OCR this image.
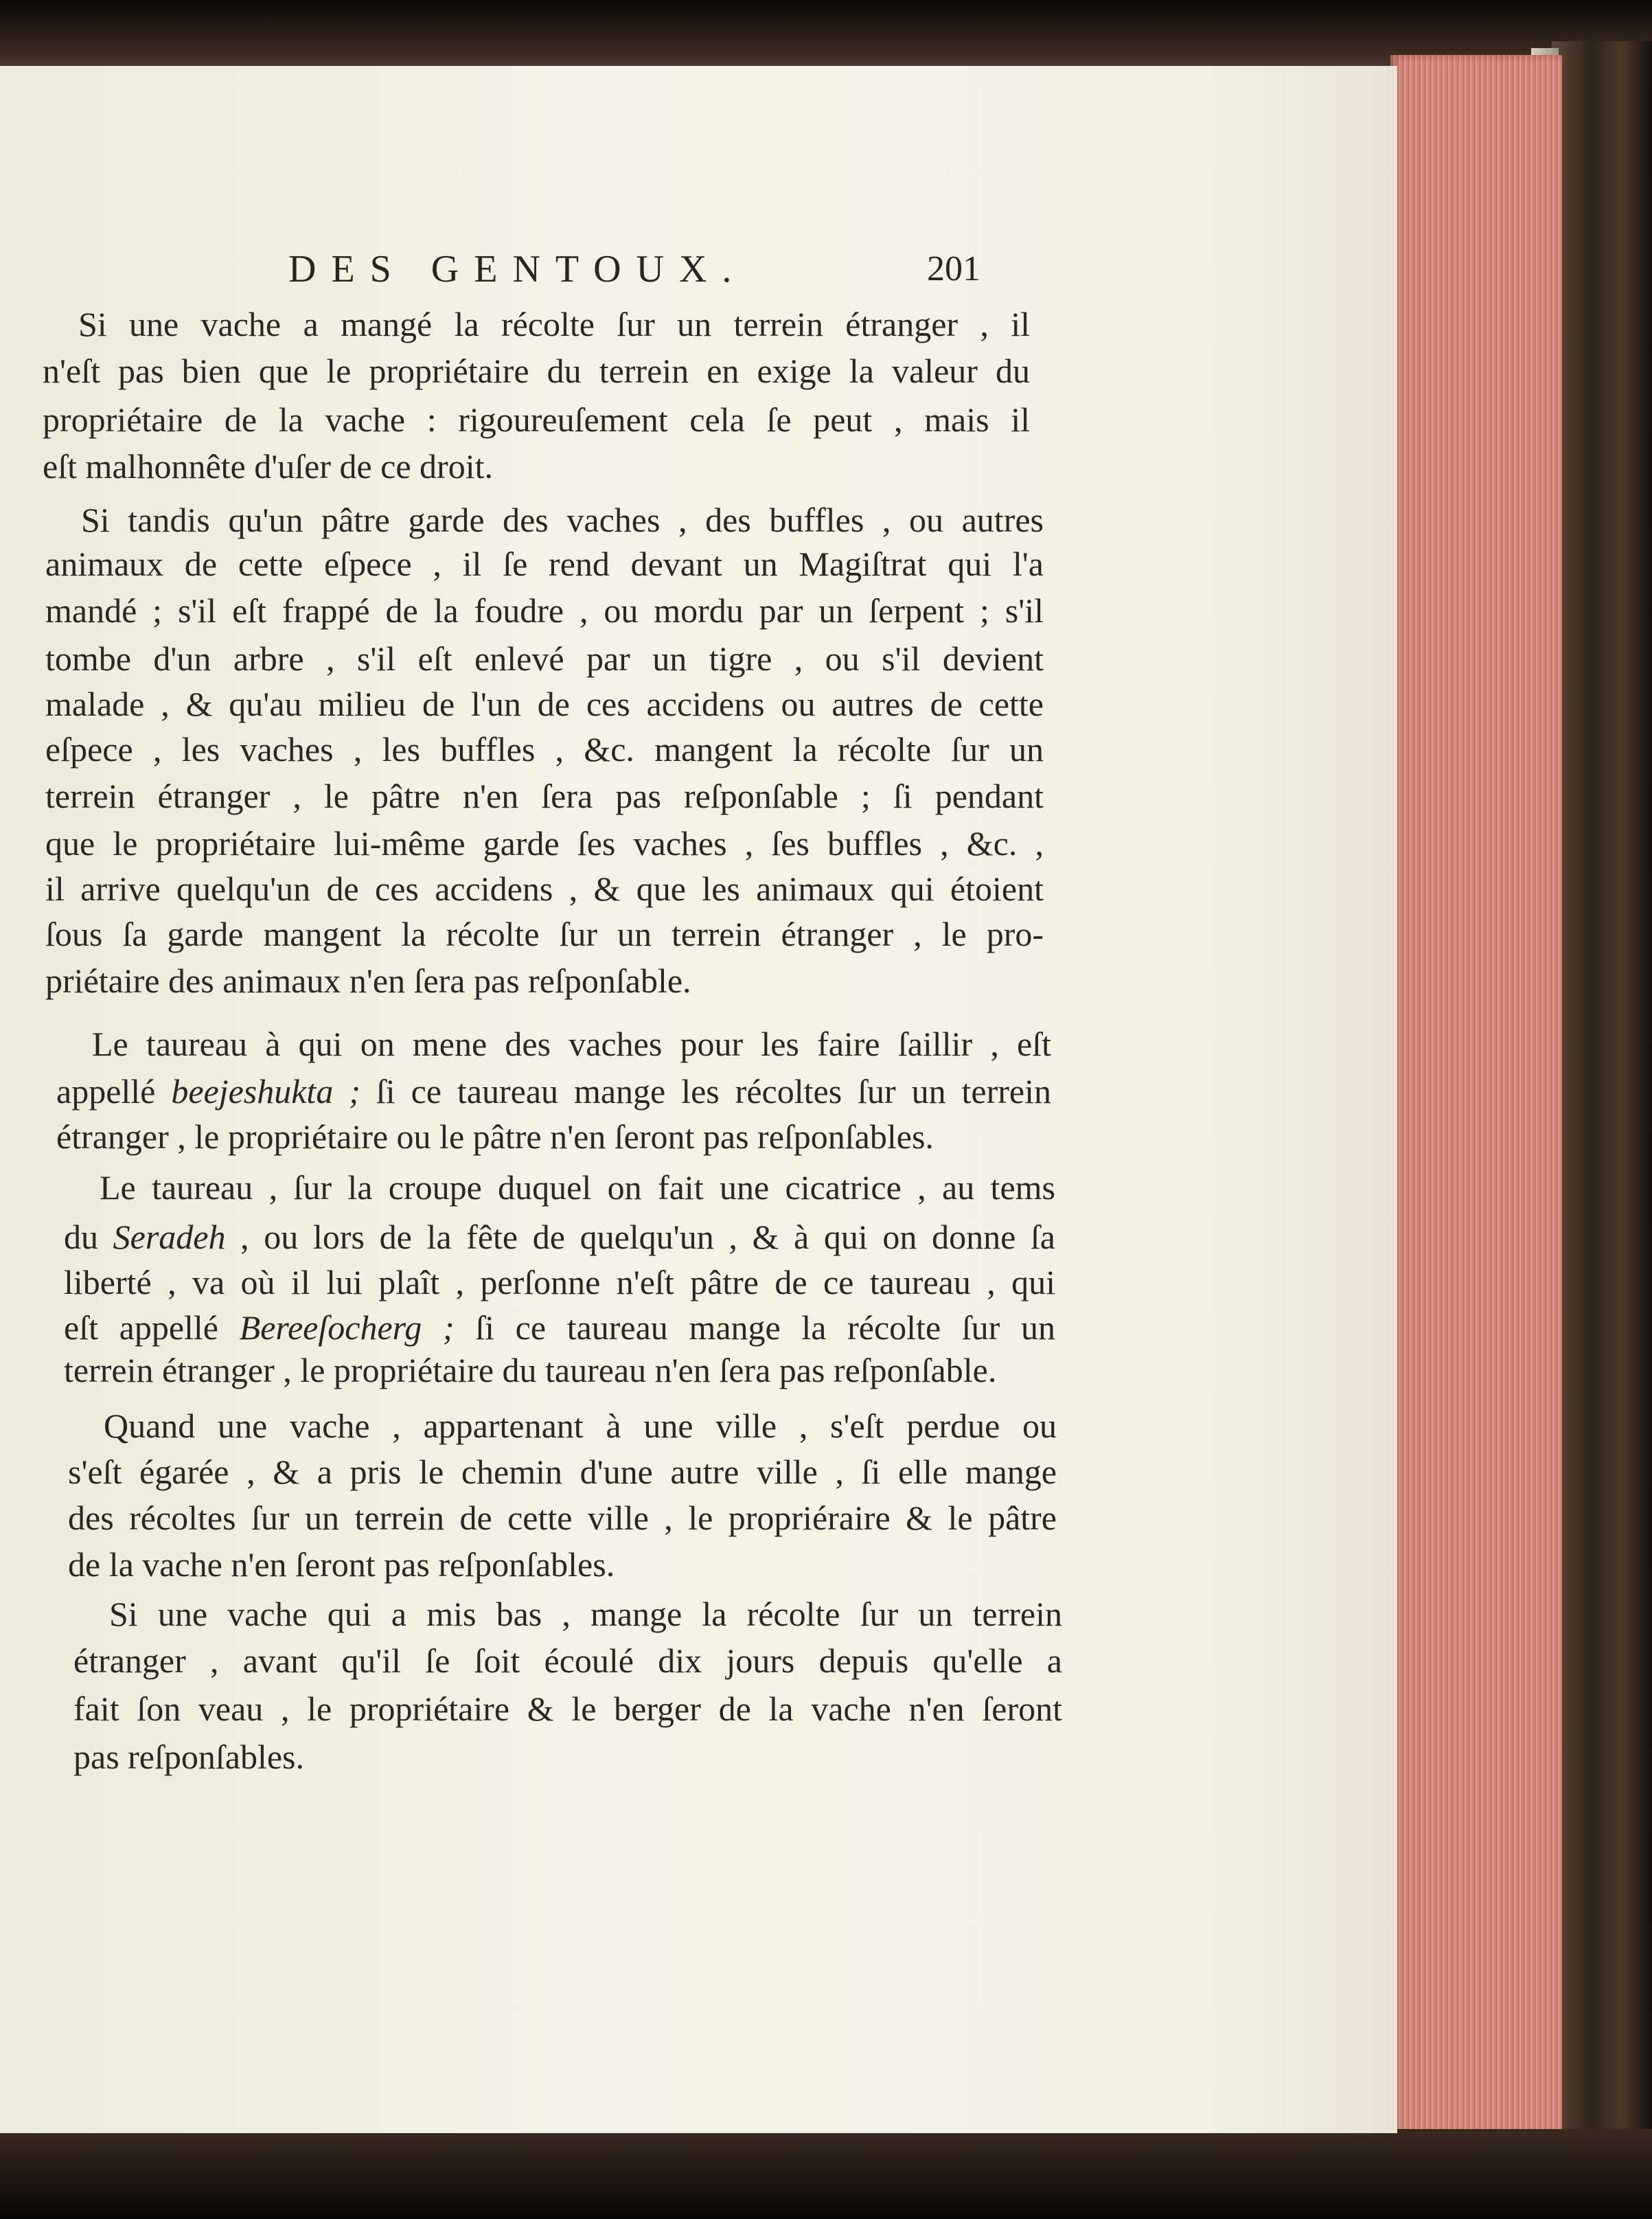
DES GENTOUX.	201
Si une vache a mangé la récolte ſur un terrein étranger , il
n'eſt pas bien que le propriétaire du terrein en exige la valeur du
propriétaire de la vache : rigoureuſement cela ſe peut , mais il
eſt malhonnête d'uſer de ce droit.
Si tandis qu'un pâtre garde des vaches , des buffles , ou autres
animaux de cette eſpece , il ſe rend devant un Magiſtrat qui l'a
mandé ; s'il eſt frappé de la foudre , ou mordu par un ſerpent ; s'il
tombe d'un arbre , s'il eſt enlevé par un tigre , ou s'il devient
malade , & qu'au milieu de l'un de ces accidens ou autres de cette
eſpece , les vaches , les buffles , &c. mangent la récolte ſur un
terrein étranger , le pâtre n'en ſera pas reſponſable ; ſi pendant
que le propriétaire lui-même garde ſes vaches , ſes buffles , &c. ,
il arrive quelqu'un de ces accidens , & que les animaux qui étoient
ſous ſa garde mangent la récolte ſur un terrein étranger , le pro-
priétaire des animaux n'en ſera pas reſponſable.
Le taureau à qui on mene des vaches pour les faire ſaillir , eſt
appellé beejeshukta ; ſi ce taureau mange les récoltes ſur un terrein
étranger , le propriétaire ou le pâtre n'en ſeront pas reſponſables.
Le taureau , ſur la croupe duquel on fait une cicatrice , au tems
du Seradeh , ou lors de la fête de quelqu'un , & à qui on donne ſa
liberté , va où il lui plaît , perſonne n'eſt pâtre de ce taureau , qui
eſt appellé Bereeſocherg ; ſi ce taureau mange la récolte ſur un
terrein étranger , le propriétaire du taureau n'en ſera pas reſponſable.
Quand une vache , appartenant à une ville , s'eſt perdue ou
s'eſt égarée , & a pris le chemin d'une autre ville , ſi elle mange
des récoltes ſur un terrein de cette ville , le propriéraire & le pâtre
de la vache n'en ſeront pas reſponſables.
Si une vache qui a mis bas , mange la récolte ſur un terrein
étranger , avant qu'il ſe ſoit écoulé dix jours depuis qu'elle a
fait ſon veau , le propriétaire & le berger de la vache n'en ſeront
pas reſponſables.
